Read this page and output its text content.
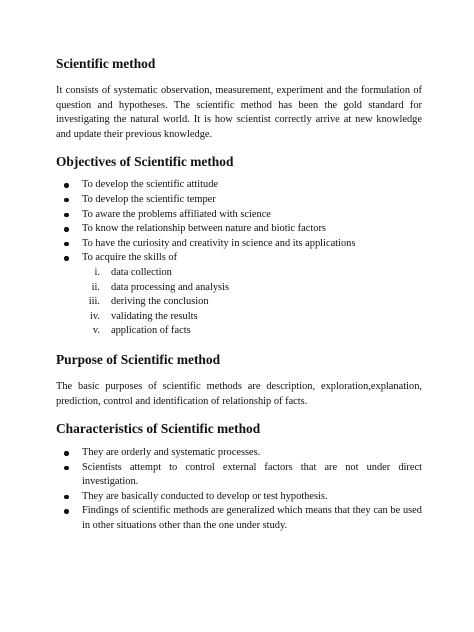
Scientific method

It consists of systematic observation, measurement, experiment and the formulation of question and hypotheses. The scientific method has been the gold standard for investigating the natural world. It is how scientist correctly arrive at new knowledge and update their previous knowledge.

Objectives of Scientific method
To develop the scientific attitude
To develop the scientific temper
To aware the problems affiliated with science
To know the relationship between nature and biotic factors
To have the curiosity and creativity in science and its applications
To acquire the skills of
i. data collection
ii. data processing and analysis
iii. deriving the conclusion
iv. validating the results
v. application of facts
Purpose of Scientific method

The basic purposes of scientific methods are description, exploration,explanation, prediction, control and identification of relationship of facts.

Characteristics of Scientific method
They are orderly and systematic processes.
Scientists attempt to control external factors that are not under direct investigation.
They are basically conducted to develop or test hypothesis.
Findings of scientific methods are generalized which means that they can be used in other situations other than the one under study.
